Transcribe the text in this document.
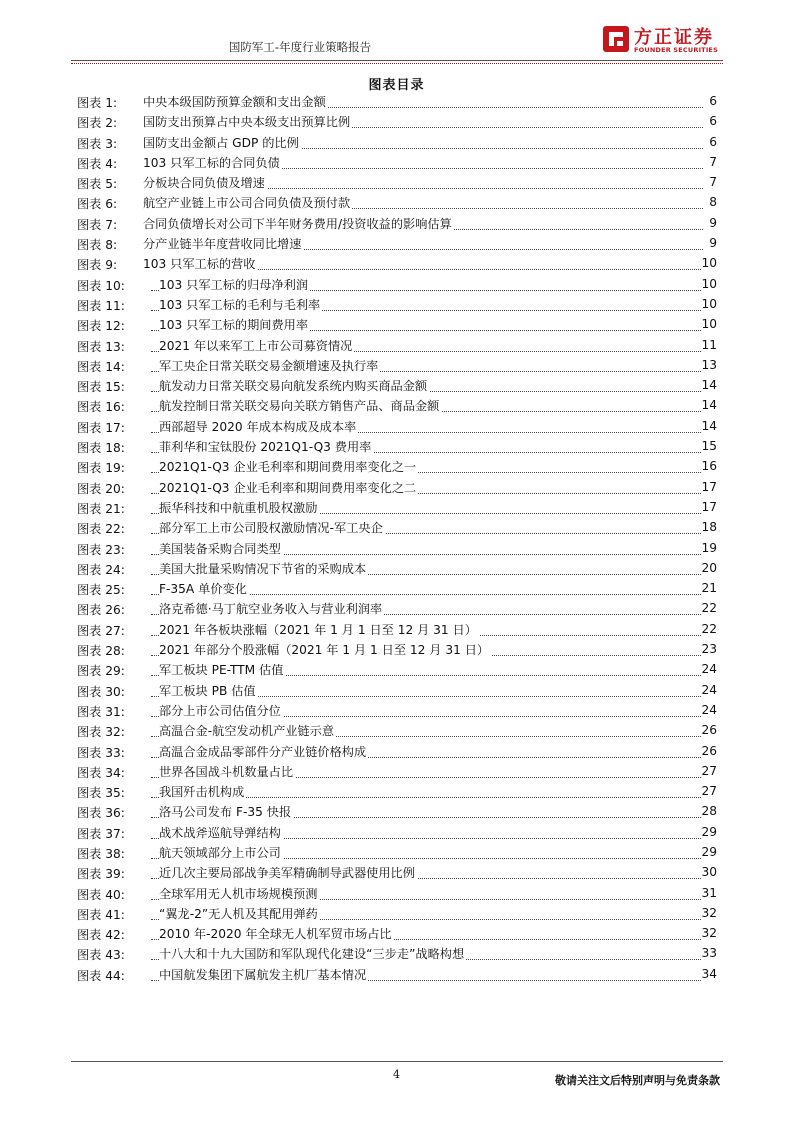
国防军工-年度行业策略报告	方正证券
FOUNDER SECURITIES
图表目录
图表 1: 中央本级国防预算金额和支出金额	6
图表 2: 国防支出预算占中央本级支出预算比例	6
图表 3: 国防支出金额占 GDP 的比例	6
图表 4: 103 只军工标的合同负债	7
图表 5: 分板块合同负债及增速	7
图表 6: 航空产业链上市公司合同负债及预付款	8
图表 7: 合同负债增长对公司下半年财务费用/投资收益的影响估算	9
图表 8: 分产业链半年度营收同比增速	9
图表 9: 103 只军工标的营收	10
图表 10:	103 只军工标的归母净利润	10
图表 11:	103 只军工标的毛利与毛利率	10
图表 12:	103 只军工标的期间费用率	10
图表 13:	2021 年以来军工上市公司募资情况	11
图表 14:	军工央企日常关联交易金额增速及执行率	13
图表 15:	航发动力日常关联交易向航发系统内购买商品金额	14
图表 16:	航发控制日常关联交易向关联方销售产品、商品金额	14
图表 17:	西部超导 2020 年成本构成及成本率	14
图表 18:	菲利华和宝钛股份 2021Q1-Q3 费用率	15
图表 19:	2021Q1-Q3 企业毛利率和期间费用率变化之一	16
图表 20:	2021Q1-Q3 企业毛利率和期间费用率变化之二	17
图表 21:	振华科技和中航重机股权激励	17
图表 22:	部分军工上市公司股权激励情况-军工央企	18
图表 23:	美国装备采购合同类型	19
图表 24:	美国大批量采购情况下节省的采购成本	20
图表 25:	F-35A 单价变化	21
图表 26:	洛克希德·马丁航空业务收入与营业利润率	22
图表 27:	2021 年各板块涨幅（2021 年 1 月 1 日至 12 月 31 日）	22
图表 28:	2021 年部分个股涨幅（2021 年 1 月 1 日至 12 月 31 日）	23
图表 29:	军工板块 PE-TTM 估值	24
图表 30:	军工板块 PB 估值	24
图表 31:	部分上市公司估值分位	24
图表 32:	高温合金-航空发动机产业链示意	26
图表 33:	高温合金成品零部件分产业链价格构成	26
图表 34:	世界各国战斗机数量占比	27
图表 35:	我国歼击机构成	27
图表 36:	洛马公司发布 F-35 快报	28
图表 37:	战术战斧巡航导弹结构	29
图表 38:	航天领域部分上市公司	29
图表 39:	近几次主要局部战争美军精确制导武器使用比例	30
图表 40:	全球军用无人机市场规模预测	31
图表 41:	“翼龙-2”无人机及其配用弹药	32
图表 42:	2010 年-2020 年全球无人机军贸市场占比	32
图表 43:	十八大和十九大国防和军队现代化建设“三步走”战略构想	33
图表 44:	中国航发集团下属航发主机厂基本情况	34
4	敬请关注文后特别声明与免责条款
